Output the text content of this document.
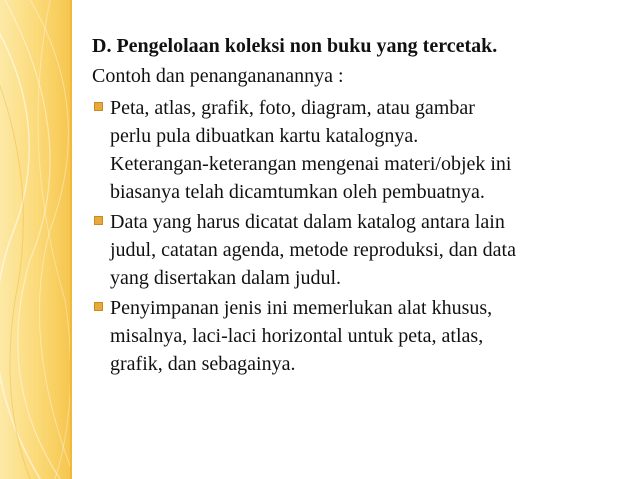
D. Pengelolaan koleksi non buku yang tercetak.
Contoh dan penangananannya :
Peta, atlas, grafik, foto, diagram, atau gambar
perlu pula dibuatkan kartu katalognya.
Keterangan-keterangan mengenai materi/objek ini
biasanya telah dicamtumkan oleh pembuatnya.
Data yang harus dicatat dalam katalog antara lain
judul, catatan agenda, metode reproduksi, dan data
yang disertakan dalam judul.
Penyimpanan jenis ini memerlukan alat khusus,
misalnya, laci-laci horizontal untuk peta, atlas,
grafik, dan sebagainya.
